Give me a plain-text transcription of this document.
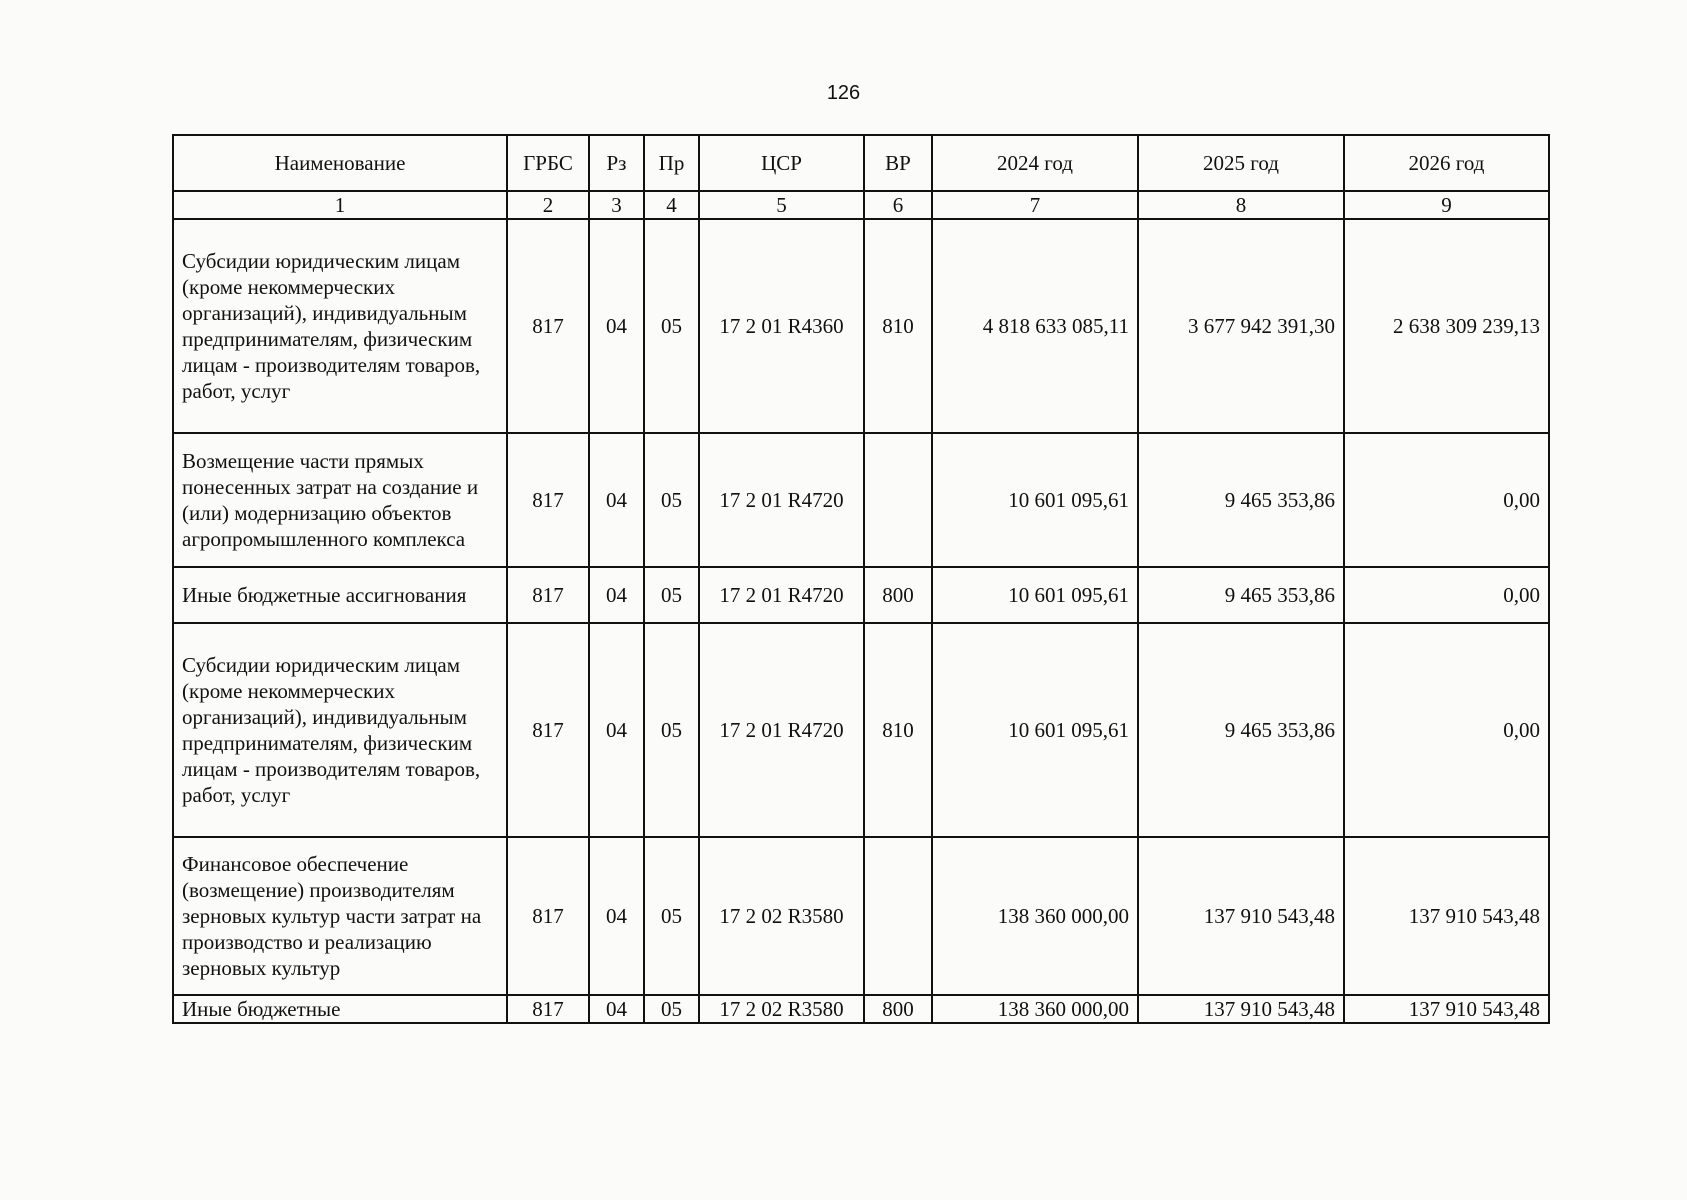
126
Наименование	ГРБС	Рз	Пр	ЦСР	ВР	2024 год	2025 год	2026 год
1	2	3	4	5	6	7	8	9
Субсидии юридическим лицам (кроме некоммерческих организаций), индивидуальным предпринимателям, физическим лицам - производителям товаров, работ, услуг	817	04	05	17 2 01 R4360	810	4 818 633 085,11	3 677 942 391,30	2 638 309 239,13
Возмещение части прямых понесенных затрат на создание и (или) модернизацию объектов агропромышленного комплекса	817	04	05	17 2 01 R4720		10 601 095,61	9 465 353,86	0,00
Иные бюджетные ассигнования	817	04	05	17 2 01 R4720	800	10 601 095,61	9 465 353,86	0,00
Субсидии юридическим лицам (кроме некоммерческих организаций), индивидуальным предпринимателям, физическим лицам - производителям товаров, работ, услуг	817	04	05	17 2 01 R4720	810	10 601 095,61	9 465 353,86	0,00
Финансовое обеспечение (возмещение) производителям зерновых культур части затрат на производство и реализацию зерновых культур	817	04	05	17 2 02 R3580		138 360 000,00	137 910 543,48	137 910 543,48
Иные бюджетные	817	04	05	17 2 02 R3580	800	138 360 000,00	137 910 543,48	137 910 543,48
